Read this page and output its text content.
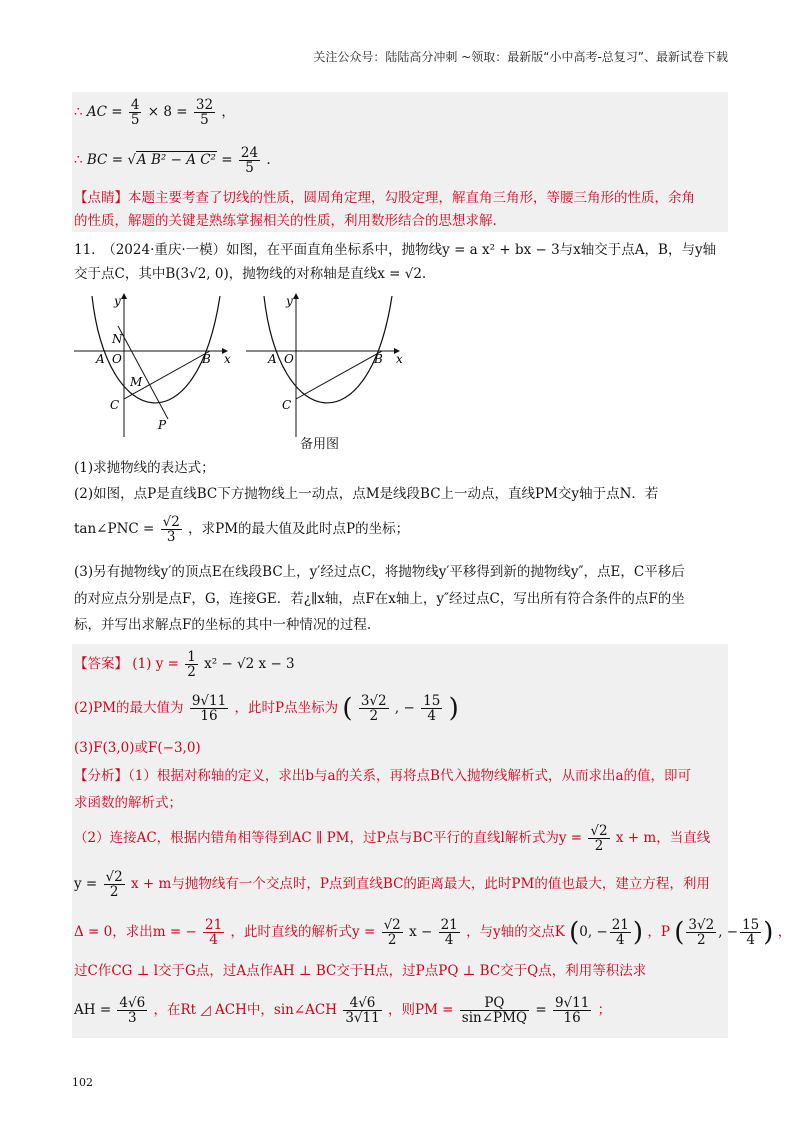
关注公众号：陆陆高分冲刺 ~领取：最新版“小中高考-总复习”、最新试卷下载
∴ AC = $\frac{4}{5} \times 8 = \frac{32}{5}$ ，
∴ BC = √A B² − A $C^2 = \frac{24}{5}$ .
【点睛】本题主要考查了切线的性质，圆周角定理，勾股定理，解直角三角形，等腰三角形的性质，余角
的性质，解题的关键是熟练掌握相关的性质，利用数形结合的思想求解.
11.　（2024·重庆·一模）如图，在平面直角坐标系中，抛物线y = a x² + bx − 3与x轴交于点A，B，与y轴
交于点C，其中B(3√2, 0)，抛物线的对称轴是直线x = √2.
N
A O	B x
y
M
C
P
A O	B x
y
C
备用图
(1)求抛物线的表达式；
(2)如图，点P是直线BC下方抛物线上一动点，点M是线段BC上一动点，直线PM交y轴于点N．若
tan∠PNC = $\frac{√2}{3}$ ，求PM的最大值及此时点P的坐标；
(3)另有抛物线y′的顶点E在线段BC上，y′经过点C，将抛物线y′平移得到新的抛物线y″，点E，C平移后
的对应点分别是点F，G，连接GE．若¿∥x轴，点F在x轴上，y″经过点C，写出所有符合条件的点F的坐
标，并写出求解点F的坐标的其中一种情况的过程.
【答案】 (1) $y = \frac{1}{2} x^2 - √2$ x − 3
(2)PM的最大值为 $\frac{9√11}{16}$ ，此时P点坐标为 ( $\frac{3√2}{2}$ , − $\frac{15}{4}$ )
(3)F(3,0)或F(−3,0)
【分析】（1）根据对称轴的定义，求出b与a的关系，再将点B代入抛物线解析式，从而求出a的值，即可
求函数的解析式；
（2）连接AC，根据内错角相等得到AC ∥ PM，过P点与BC平行的直线l解析式为$y = \frac{√2}{2}$ x + m，当直线
$y = \frac{√2}{2}$ x + m与抛物线有一个交点时，P点到直线BC的距离最大，此时PM的值也最大，建立方程，利用
Δ = 0，求出m = − $\frac{21}{4}$ ，此时直线的解析式$y = \frac{√2}{2}$ $x - \frac{21}{4}$ ，与y轴的交点K (0, − $\frac{21}{4}$ ) ，P ( $\frac{3√2}{2}$ , − $\frac{15}{4}$ ) ，
过C作CG ⊥ l交于G点，过A点作AH ⊥ BC交于H点，过P点PQ ⊥ BC交于Q点，利用等积法求
AH = $\frac{4√6}{3}$ ，在Rt ◿ ACH中，sin∠ACH $\frac{4√6}{3√11}$ ，则PM = $\frac{PQ}{\text{sin∠PMQ}} = \frac{9√11}{16}$ ；
102
